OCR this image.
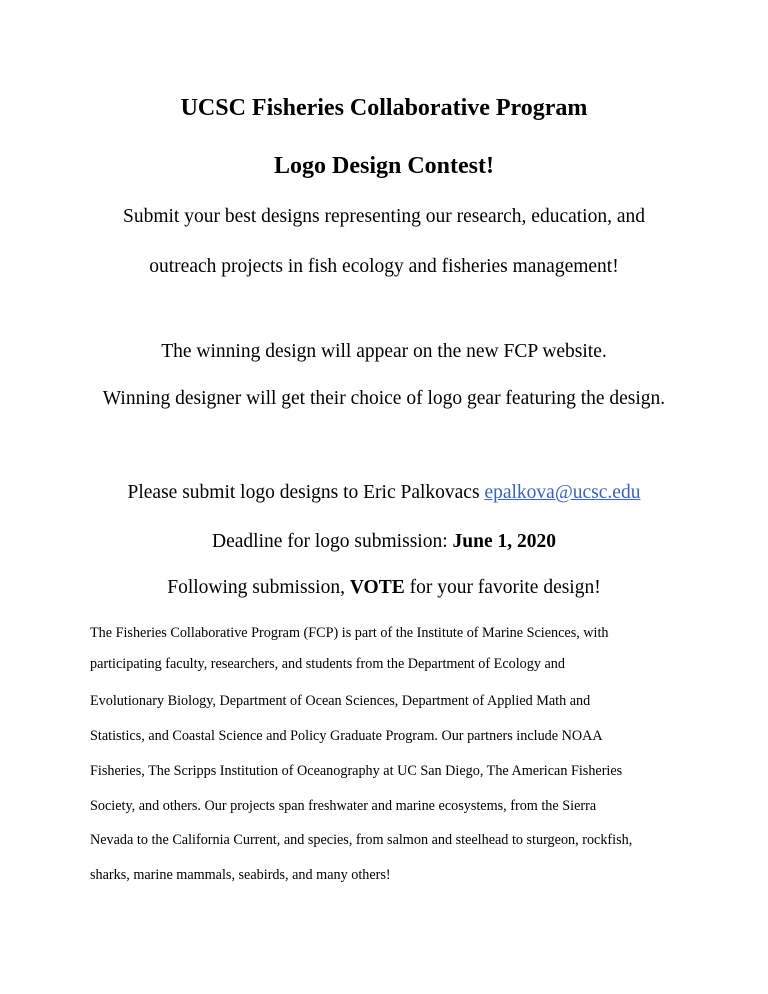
UCSC Fisheries Collaborative Program
Logo Design Contest!
Submit your best designs representing our research, education, and
outreach projects in fish ecology and fisheries management!
The winning design will appear on the new FCP website.
Winning designer will get their choice of logo gear featuring the design.
Please submit logo designs to Eric Palkovacs epalkova@ucsc.edu
Deadline for logo submission: June 1, 2020
Following submission, VOTE for your favorite design!
The Fisheries Collaborative Program (FCP) is part of the Institute of Marine Sciences, with
participating faculty, researchers, and students from the Department of Ecology and
Evolutionary Biology, Department of Ocean Sciences, Department of Applied Math and
Statistics, and Coastal Science and Policy Graduate Program. Our partners include NOAA
Fisheries, The Scripps Institution of Oceanography at UC San Diego, The American Fisheries
Society, and others. Our projects span freshwater and marine ecosystems, from the Sierra
Nevada to the California Current, and species, from salmon and steelhead to sturgeon, rockfish,
sharks, marine mammals, seabirds, and many others!
